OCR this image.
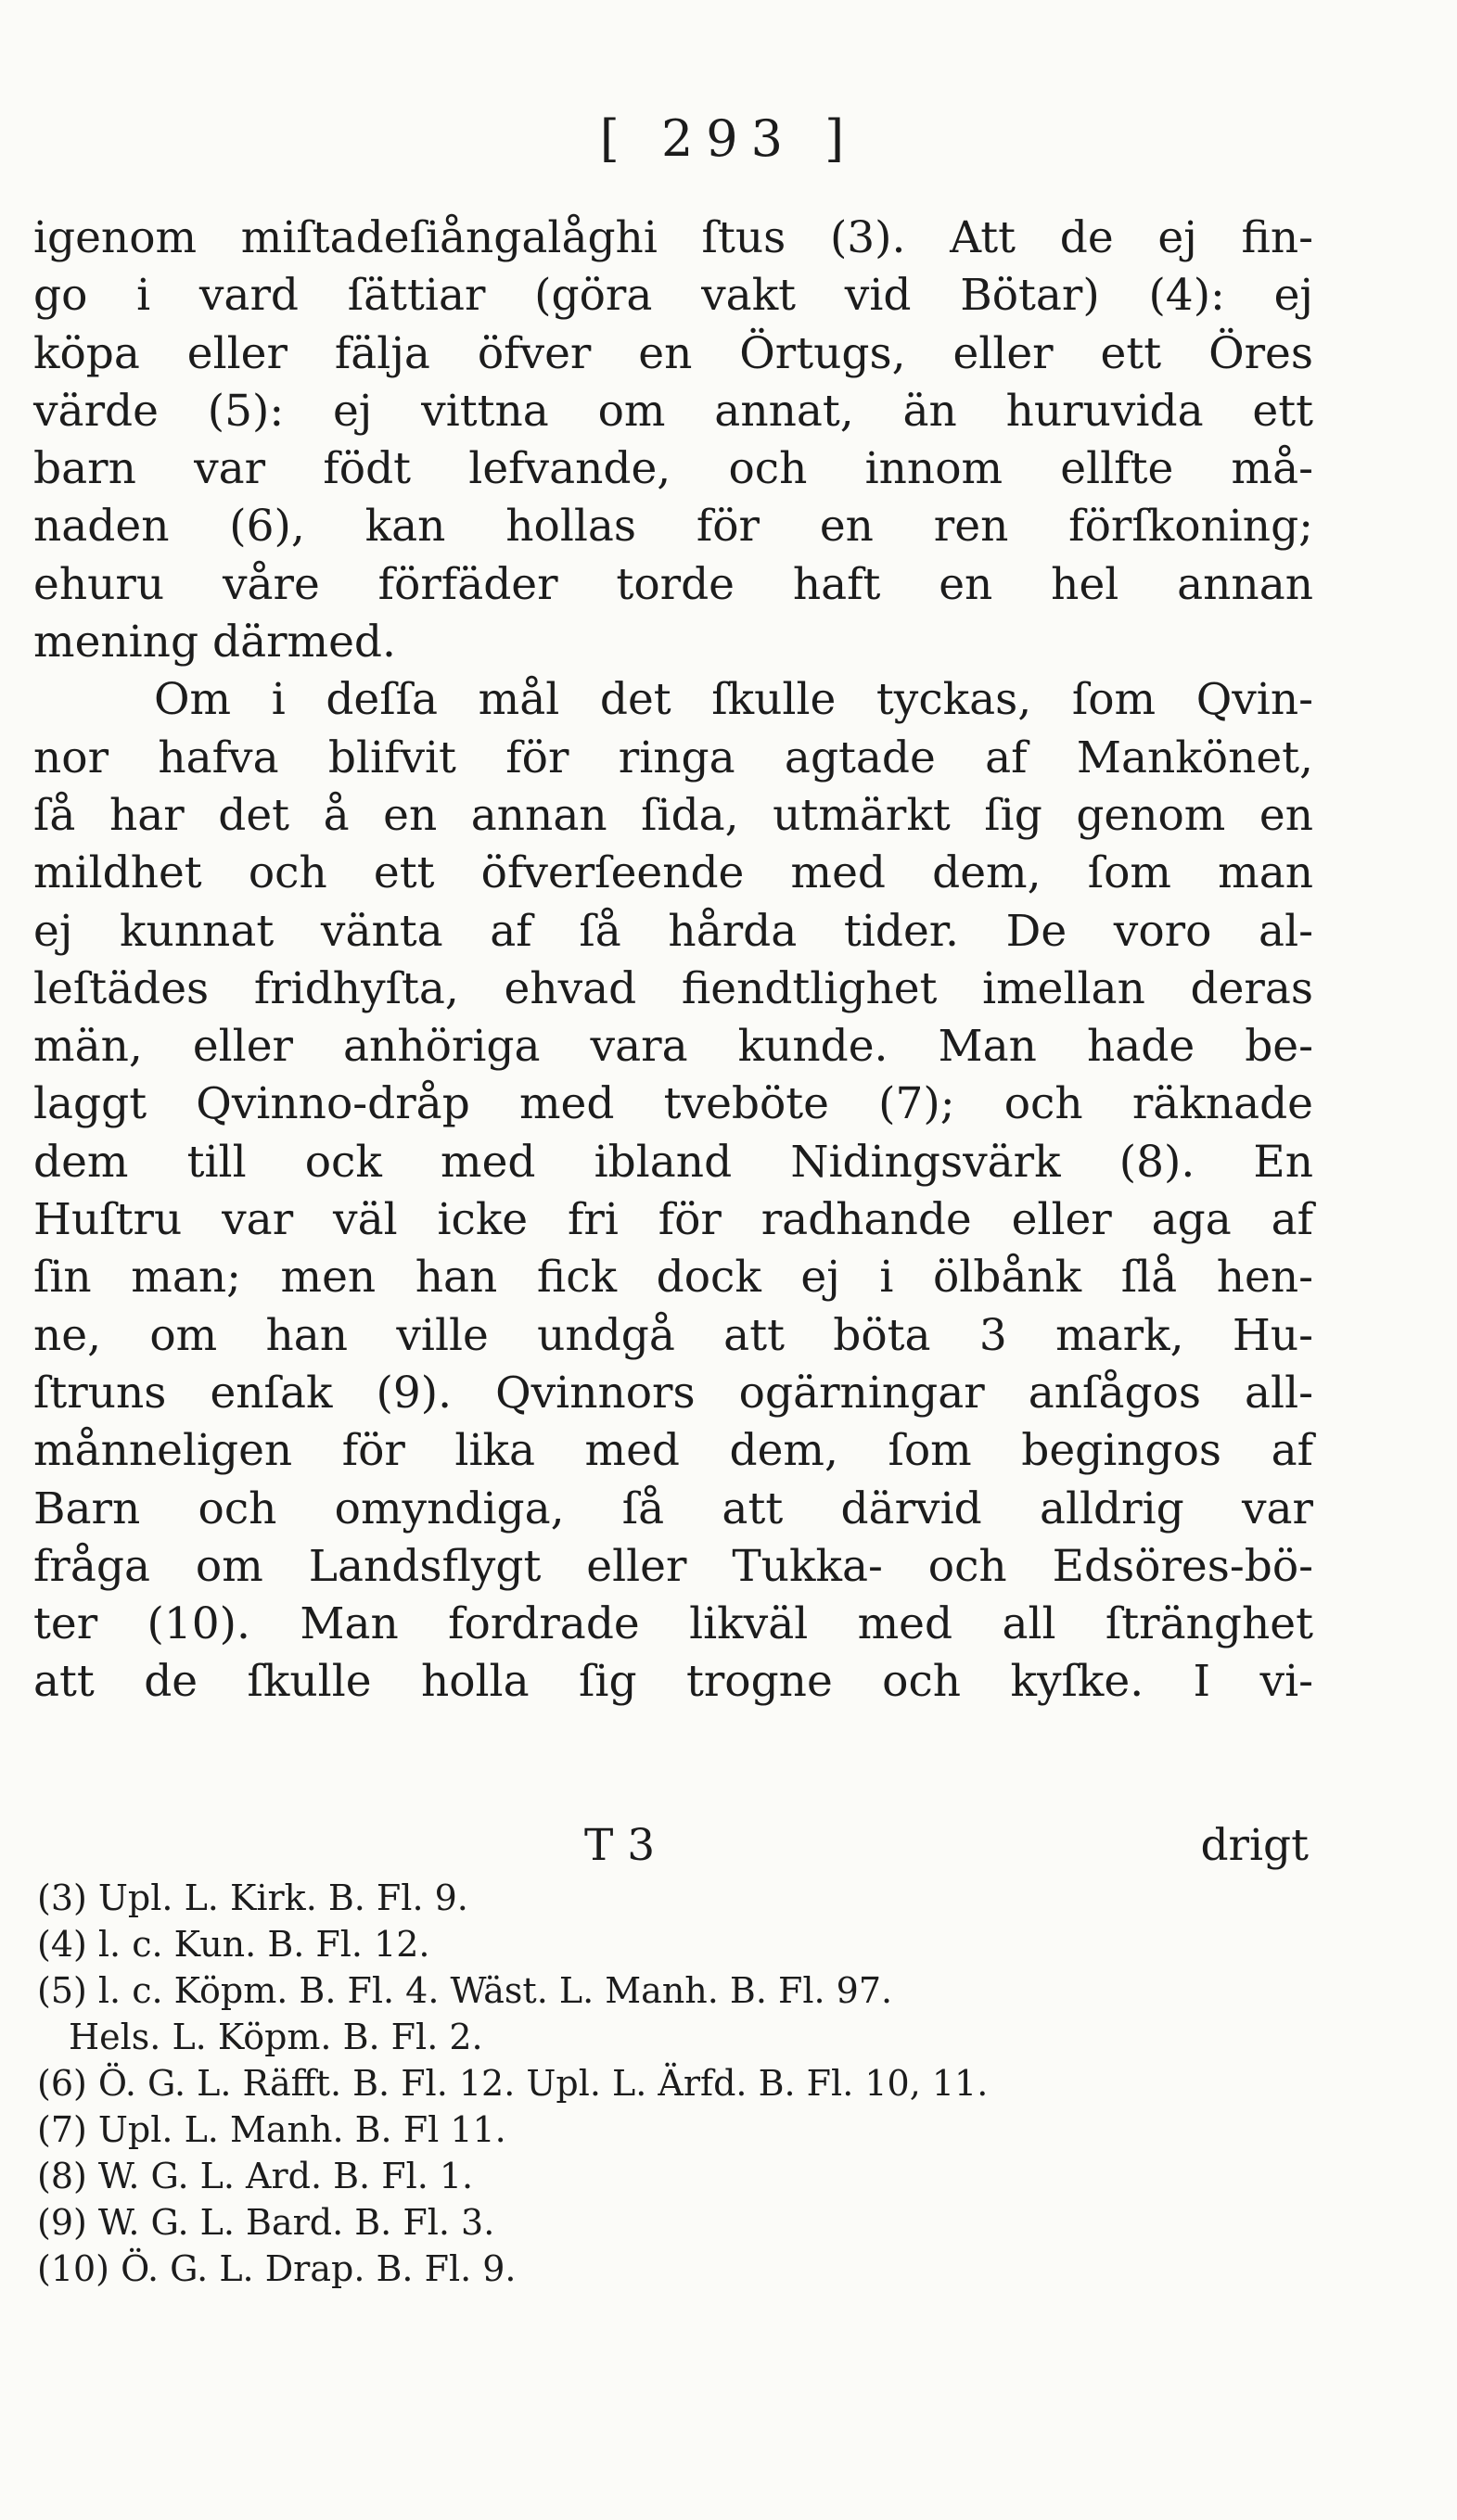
[ 293 ]
igenom miſtadeſiångalåghi ſtus (3). Att de ej fin-
go i vard ſättiar (göra vakt vid Bötar) (4): ej
köpa eller fälja öfver en Örtugs, eller ett Öres
värde (5): ej vittna om annat, än huruvida ett
barn var födt lefvande, och innom ellfte må-
naden (6), kan hollas för en ren förſkoning;
ehuru våre förfäder torde haft en hel annan
mening därmed.
Om i deſſa mål det ſkulle tyckas, ſom Qvin-
nor hafva blifvit för ringa agtade af Mankönet,
ſå har det å en annan ſida, utmärkt ſig genom en
mildhet och ett öfverſeende med dem, ſom man
ej kunnat vänta af ſå hårda tider. De voro al-
leſtädes fridhyſta, ehvad fiendtlighet imellan deras
män, eller anhöriga vara kunde. Man hade be-
laggt Qvinno-dråp med tveböte (7); och räknade
dem till ock med ibland Nidingsvärk (8). En
Huſtru var väl icke fri för radhande eller aga af
ſin man; men han fick dock ej i ölbånk ſlå hen-
ne, om han ville undgå att böta 3 mark, Hu-
ſtruns enſak (9). Qvinnors ogärningar anſågos all-
månneligen för lika med dem, ſom begingos af
Barn och omyndiga, ſå att därvid alldrig var
fråga om Landsflygt eller Tukka- och Edsöres-bö-
ter (10). Man fordrade likväl med all ſtränghet
att de ſkulle holla ſig trogne och kyſke. I vi-
T 3	drigt
(3) Upl. L. Kirk. B. Fl. 9.
(4) l. c. Kun. B. Fl. 12.
(5) l. c. Köpm. B. Fl. 4. Wäst. L. Manh. B. Fl. 97.
Hels. L. Köpm. B. Fl. 2.
(6) Ö. G. L. Räfft. B. Fl. 12. Upl. L. Ärfd. B. Fl. 10, 11.
(7) Upl. L. Manh. B. Fl 11.
(8) W. G. L. Ard. B. Fl. 1.
(9) W. G. L. Bard. B. Fl. 3.
(10) Ö. G. L. Drap. B. Fl. 9.
